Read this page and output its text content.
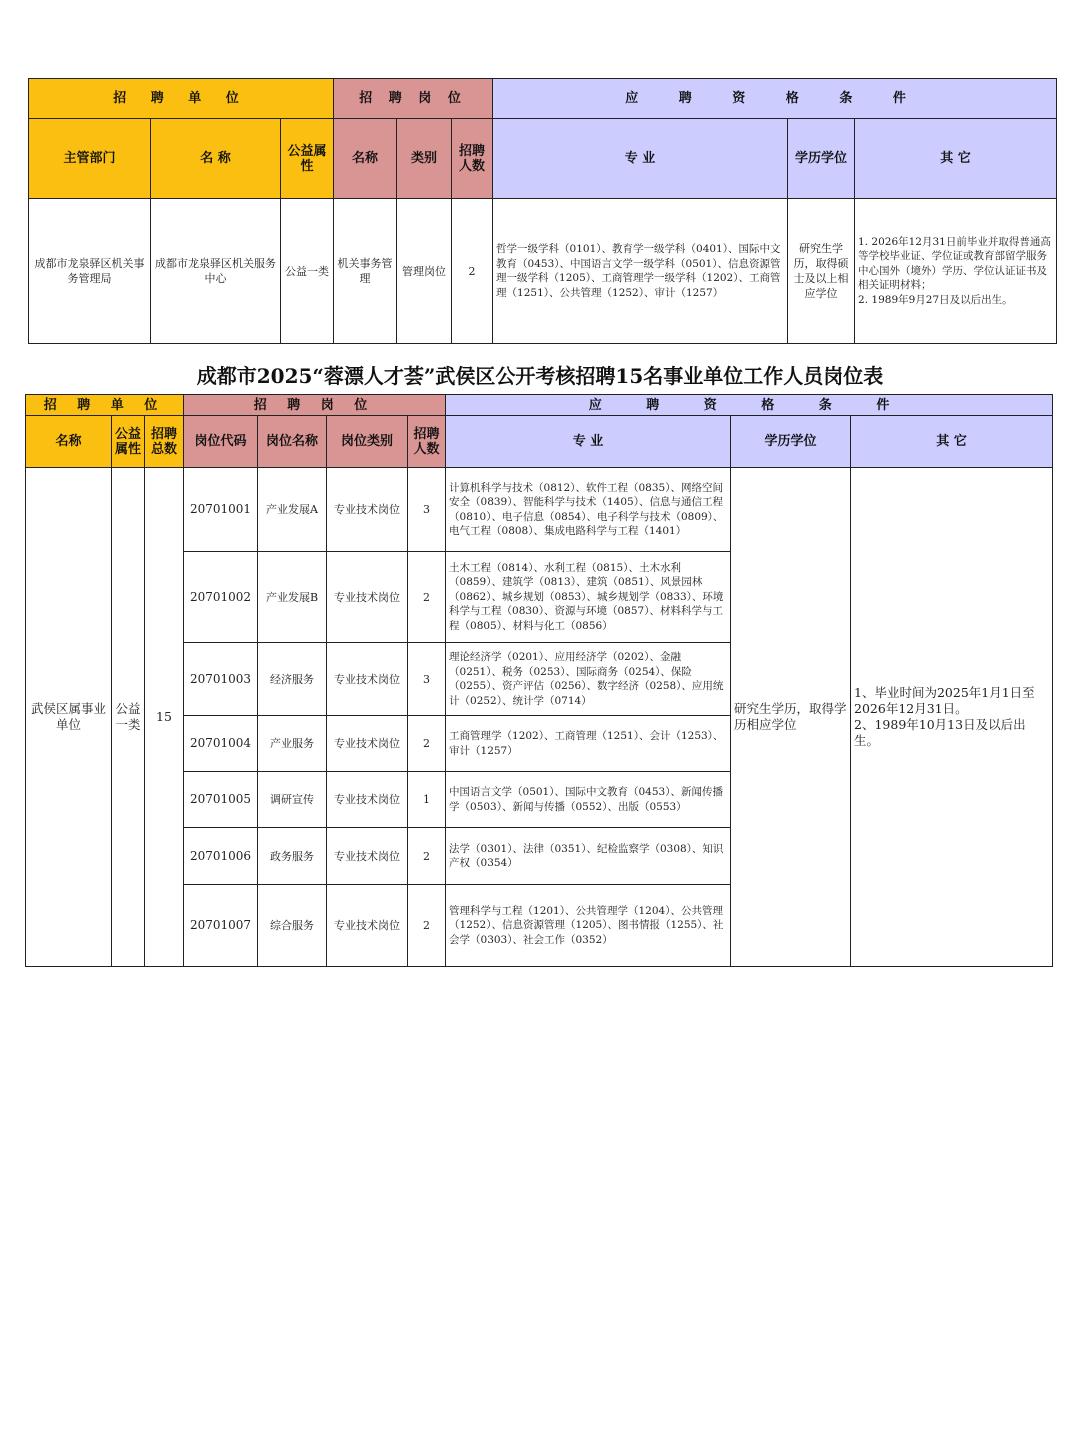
招 聘 单 位			招 聘 岗 位			应 聘 资 格 条 件		
主管部门	名 称	公益属性	名称	类别	招聘人数	专 业	学历学位	其 它
成都市龙泉驿区机关事务管理局	成都市龙泉驿区机关服务中心	公益一类	机关事务管理	管理岗位	2	哲学一级学科（0101）、教育学一级学科（0401）、国际中文教育（0453）、中国语言文学一级学科（0501）、信息资源管理一级学科（1205）、工商管理学一级学科（1202）、工商管理（1251）、公共管理（1252）、审计（1257）	研究生学历，取得硕士及以上相应学位	1. 2026年12月31日前毕业并取得普通高等学校毕业证、学位证或教育部留学服务中心国外（境外）学历、学位认证证书及相关证明材料；
2. 1989年9月27日及以后出生。
成都市2025“蓉漂人才荟”武侯区公开考核招聘15名事业单位工作人员岗位表
招 聘 单 位			招 聘 岗 位				应 聘 资 格 条 件		
名称	公益属性	招聘总数	岗位代码	岗位名称	岗位类别	招聘人数	专 业	学历学位	其 它
武侯区属事业单位	公益一类	15	20701001	产业发展A	专业技术岗位	3	计算机科学与技术（0812）、软件工程（0835）、网络空间安全（0839）、智能科学与技术（1405）、信息与通信工程（0810）、电子信息（0854）、电子科学与技术（0809）、电气工程（0808）、集成电路科学与工程（1401）	研究生学历，取得学历相应学位	1、毕业时间为2025年1月1日至2026年12月31日。
2、1989年10月13日及以后出生。

			20701002	产业发展B	专业技术岗位	2	土木工程（0814）、水利工程（0815）、土木水利（0859）、建筑学（0813）、建筑（0851）、风景园林（0862）、城乡规划（0853）、城乡规划学（0833）、环境科学与工程（0830）、资源与环境（0857）、材料科学与工程（0805）、材料与化工（0856）		
			20701003	经济服务	专业技术岗位	3	理论经济学（0201）、应用经济学（0202）、金融（0251）、税务（0253）、国际商务（0254）、保险（0255）、资产评估（0256）、数字经济（0258）、应用统计（0252）、统计学（0714）		
			20701004	产业服务	专业技术岗位	2	工商管理学（1202）、工商管理（1251）、会计（1253）、审计（1257）		
			20701005	调研宣传	专业技术岗位	1	中国语言文学（0501）、国际中文教育（0453）、新闻传播学（0503）、新闻与传播（0552）、出版（0553）		
			20701006	政务服务	专业技术岗位	2	法学（0301）、法律（0351）、纪检监察学（0308）、知识产权（0354）		
			20701007	综合服务	专业技术岗位	2	管理科学与工程（1201）、公共管理学（1204）、公共管理（1252）、信息资源管理（1205）、图书情报（1255）、社会学（0303）、社会工作（0352）		
